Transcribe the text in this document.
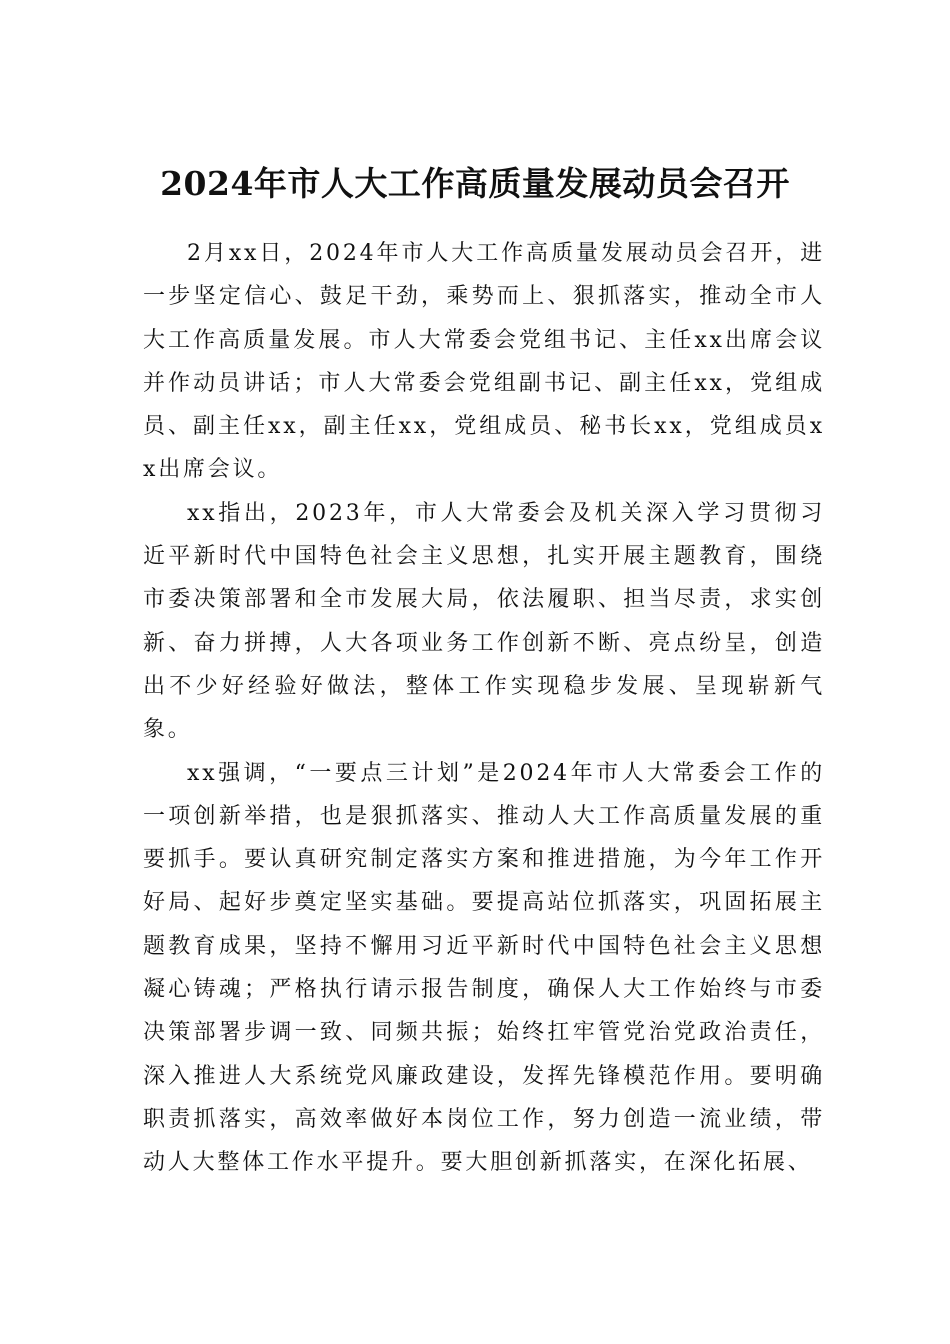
2024年市人大工作高质量发展动员会召开

2月xx日，2024年市人大工作高质量发展动员会召开，进一步坚定信心、鼓足干劲，乘势而上、狠抓落实，推动全市人大工作高质量发展。市人大常委会党组书记、主任xx出席会议并作动员讲话；市人大常委会党组副书记、副主任xx，党组成员、副主任xx，副主任xx，党组成员、秘书长xx，党组成员xx出席会议。

xx指出，2023年，市人大常委会及机关深入学习贯彻习近平新时代中国特色社会主义思想，扎实开展主题教育，围绕市委决策部署和全市发展大局，依法履职、担当尽责，求实创新、奋力拼搏，人大各项业务工作创新不断、亮点纷呈，创造出不少好经验好做法，整体工作实现稳步发展、呈现崭新气象。

xx强调，“一要点三计划”是2024年市人大常委会工作的一项创新举措，也是狠抓落实、推动人大工作高质量发展的重要抓手。要认真研究制定落实方案和推进措施，为今年工作开好局、起好步奠定坚实基础。要提高站位抓落实，巩固拓展主题教育成果，坚持不懈用习近平新时代中国特色社会主义思想凝心铸魂；严格执行请示报告制度，确保人大工作始终与市委决策部署步调一致、同频共振；始终扛牢管党治党政治责任，深入推进人大系统党风廉政建设，发挥先锋模范作用。要明确职责抓落实，高效率做好本岗位工作，努力创造一流业绩，带动人大整体工作水平提升。要大胆创新抓落实，在深化拓展、
